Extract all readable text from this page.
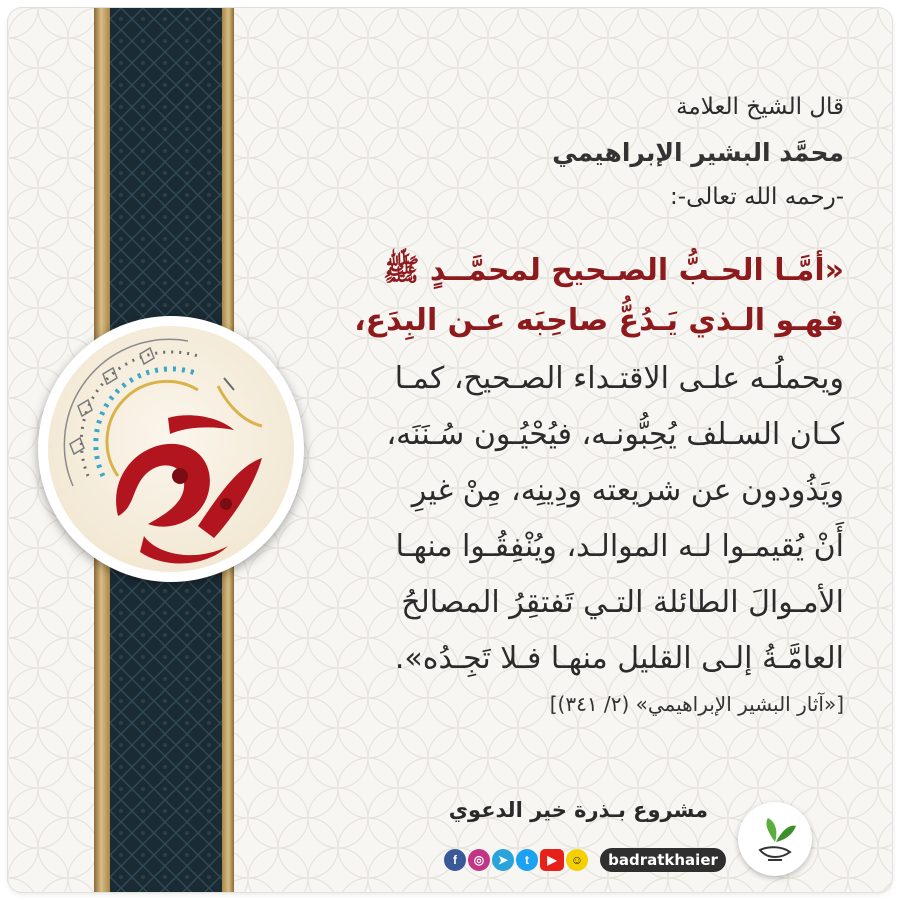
قال الشيخ العلامة
محمَّد البشير الإبراهيمي
-رحمه الله تعالى-:
«أمَّـا الحـبُّ الصـحيح لمحمَّــدٍ ﷺ
فهـو الـذي يَـدُعُّ صاحِبَه عـن البِدَع،
ويحملُـه علـى الاقتـداء الصـحيح، كمـا
كـان السـلف يُحِبُّونـه، فيُحْيُـون سُـنَنَه،
ويَذُودون عن شريعته ودِينِه، مِنْ غيرِ
أَنْ يُقيمـوا لـه الموالـد، ويُنْفِقُـوا منهـا
الأمـوالَ الطائلة التـي تَفتقِرُ المصالحُ
العامَّـةُ إلـى القليل منهـا فـلا تَجِـدُه».
[«آثار البشير الإبراهيمي» (٢/ ٣٤١)]
مشروع بـذرة خير الدعوي
badratkhaier
f	◎	➤	t	▶	☺
